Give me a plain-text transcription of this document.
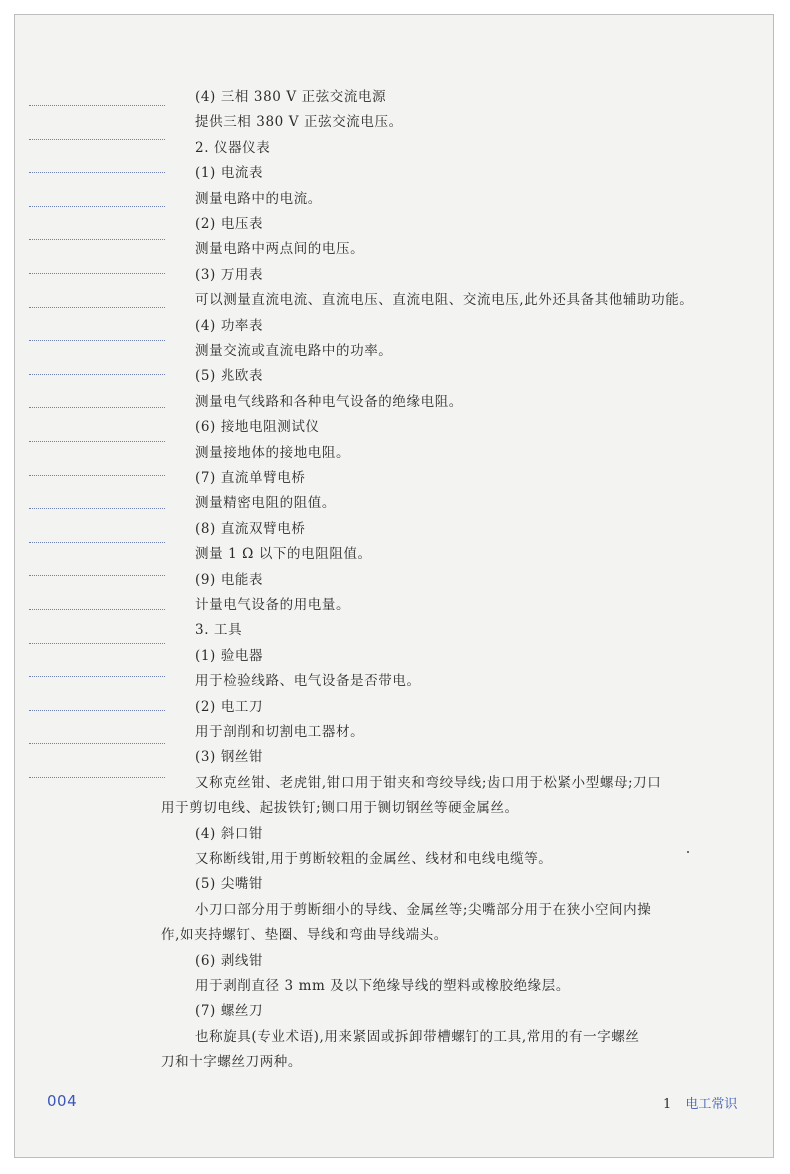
(4) 三相 380 V 正弦交流电源
提供三相 380 V 正弦交流电压。
2. 仪器仪表
(1) 电流表
测量电路中的电流。
(2) 电压表
测量电路中两点间的电压。
(3) 万用表
可以测量直流电流、直流电压、直流电阻、交流电压,此外还具备其他辅助功能。
(4) 功率表
测量交流或直流电路中的功率。
(5) 兆欧表
测量电气线路和各种电气设备的绝缘电阻。
(6) 接地电阻测试仪
测量接地体的接地电阻。
(7) 直流单臂电桥
测量精密电阻的阻值。
(8) 直流双臂电桥
测量 1 Ω 以下的电阻阻值。
(9) 电能表
计量电气设备的用电量。
3. 工具
(1) 验电器
用于检验线路、电气设备是否带电。
(2) 电工刀
用于剖削和切割电工器材。
(3) 钢丝钳
又称克丝钳、老虎钳,钳口用于钳夹和弯绞导线;齿口用于松紧小型螺母;刀口
用于剪切电线、起拔铁钉;铡口用于铡切钢丝等硬金属丝。
(4) 斜口钳
又称断线钳,用于剪断较粗的金属丝、线材和电线电缆等。
(5) 尖嘴钳
小刀口部分用于剪断细小的导线、金属丝等;尖嘴部分用于在狭小空间内操
作,如夹持螺钉、垫圈、导线和弯曲导线端头。
(6) 剥线钳
用于剥削直径 3 mm 及以下绝缘导线的塑料或橡胶绝缘层。
(7) 螺丝刀
也称旋具(专业术语),用来紧固或拆卸带槽螺钉的工具,常用的有一字螺丝
刀和十字螺丝刀两种。
004	1 电工常识
